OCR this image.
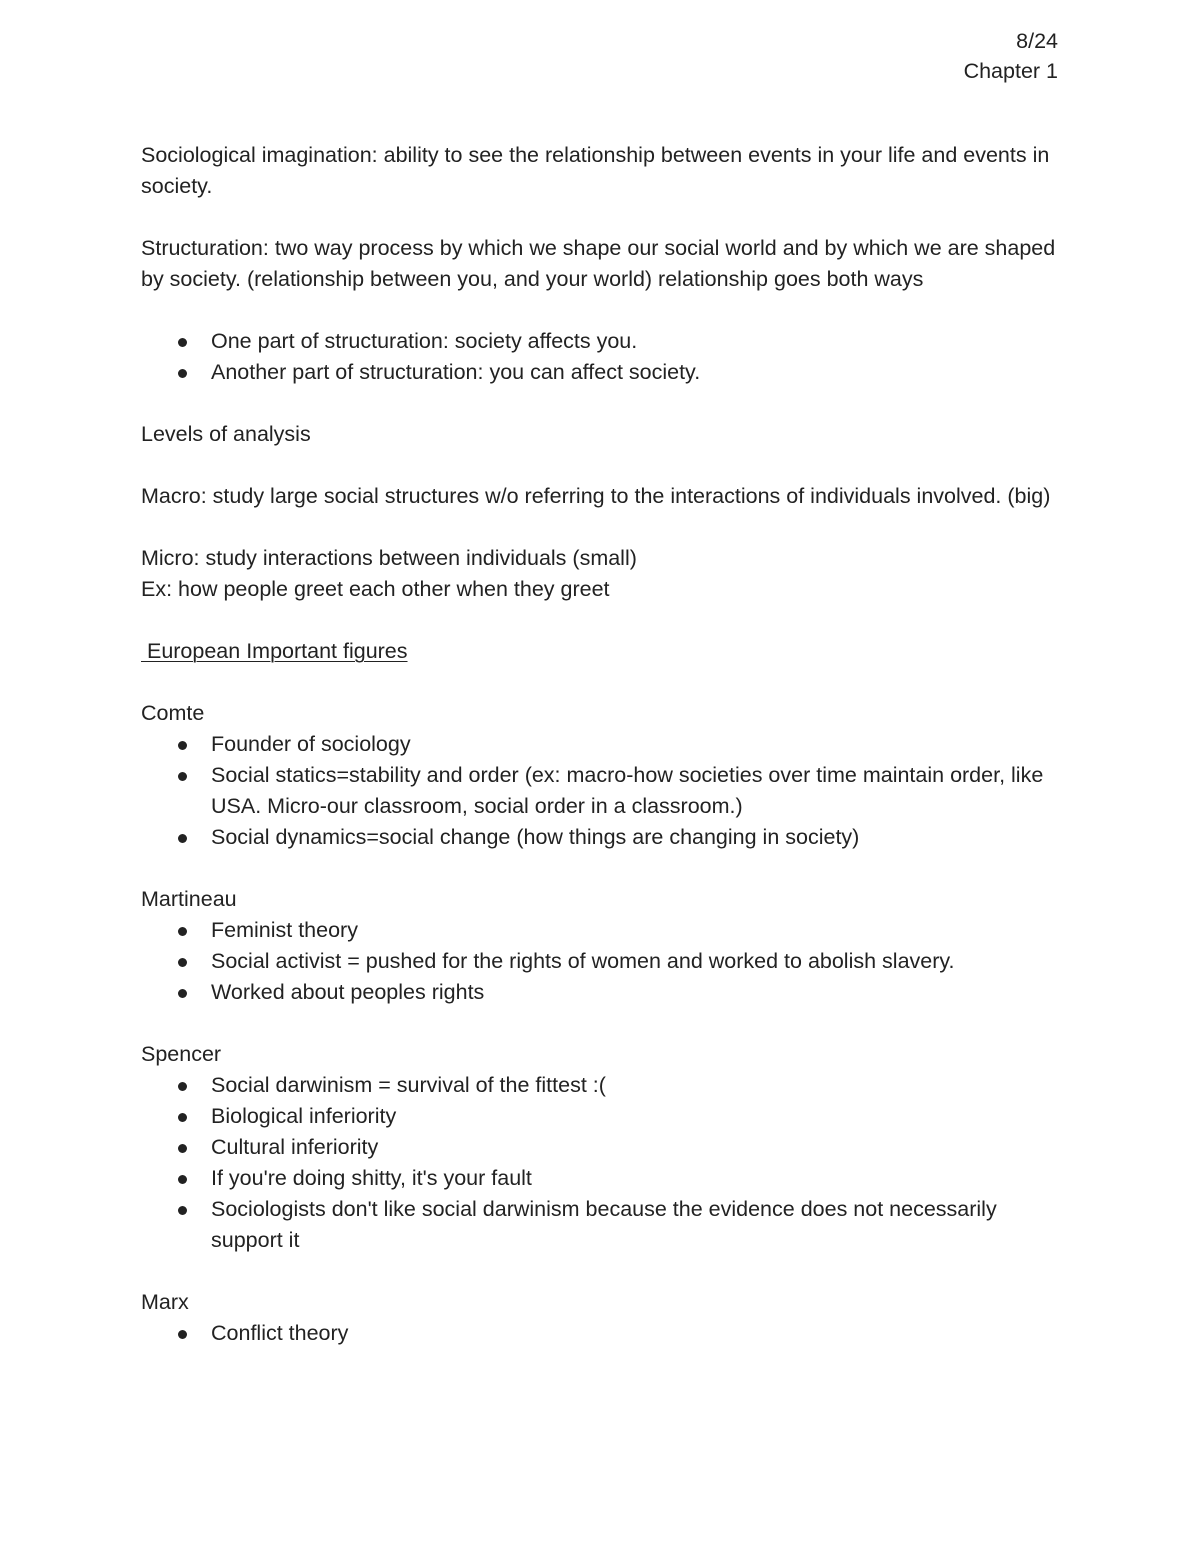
8/24
Chapter 1

Sociological imagination: ability to see the relationship between events in your life and events in society.

Structuration: two way process by which we shape our social world and by which we are shaped by society. (relationship between you, and your world) relationship goes both ways

One part of structuration: society affects you.
Another part of structuration: you can affect society.

Levels of analysis

Macro: study large social structures w/o referring to the interactions of individuals involved. (big)

Micro: study interactions between individuals (small)

Ex: how people greet each other when they greet

European Important figures

Comte

Founder of sociology
Social statics=stability and order (ex: macro-how societies over time maintain order, like USA. Micro-our classroom, social order in a classroom.)
Social dynamics=social change (how things are changing in society)

Martineau

Feminist theory
Social activist = pushed for the rights of women and worked to abolish slavery.
Worked about peoples rights

Spencer

Social darwinism = survival of the fittest :(
Biological inferiority
Cultural inferiority
If you're doing shitty, it's your fault
Sociologists don't like social darwinism because the evidence does not necessarily support it

Marx

Conflict theory
